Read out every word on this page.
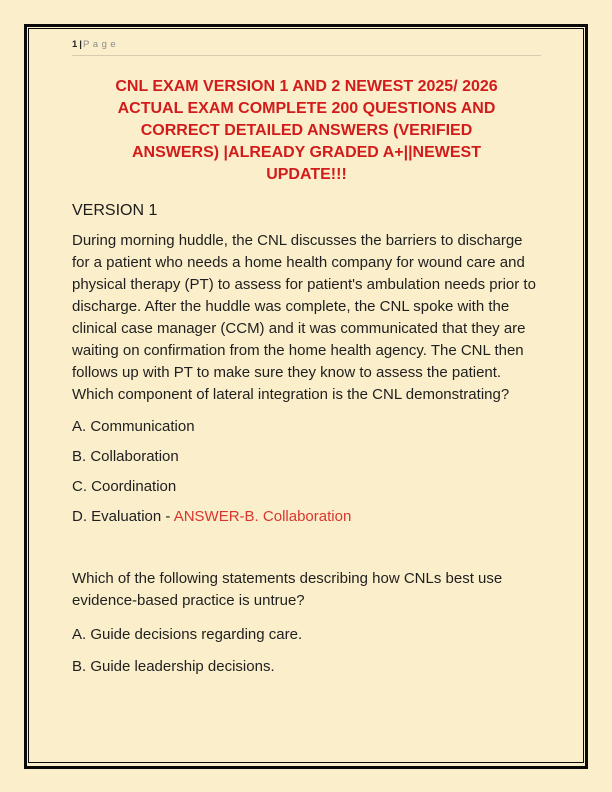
1 |Page
CNL EXAM VERSION 1 AND 2 NEWEST 2025/ 2026
ACTUAL EXAM COMPLETE 200 QUESTIONS AND
CORRECT DETAILED ANSWERS (VERIFIED
ANSWERS) |ALREADY GRADED A+||NEWEST
UPDATE!!!
VERSION 1
During morning huddle, the CNL discusses the barriers to discharge for a patient who needs a home health company for wound care and physical therapy (PT) to assess for patient's ambulation needs prior to discharge. After the huddle was complete, the CNL spoke with the clinical case manager (CCM) and it was communicated that they are waiting on confirmation from the home health agency. The CNL then follows up with PT to make sure they know to assess the patient. Which component of lateral integration is the CNL demonstrating?
A. Communication
B. Collaboration
C. Coordination
D. Evaluation - ANSWER-B. Collaboration
Which of the following statements describing how CNLs best use evidence-based practice is untrue?
A. Guide decisions regarding care.
B. Guide leadership decisions.
